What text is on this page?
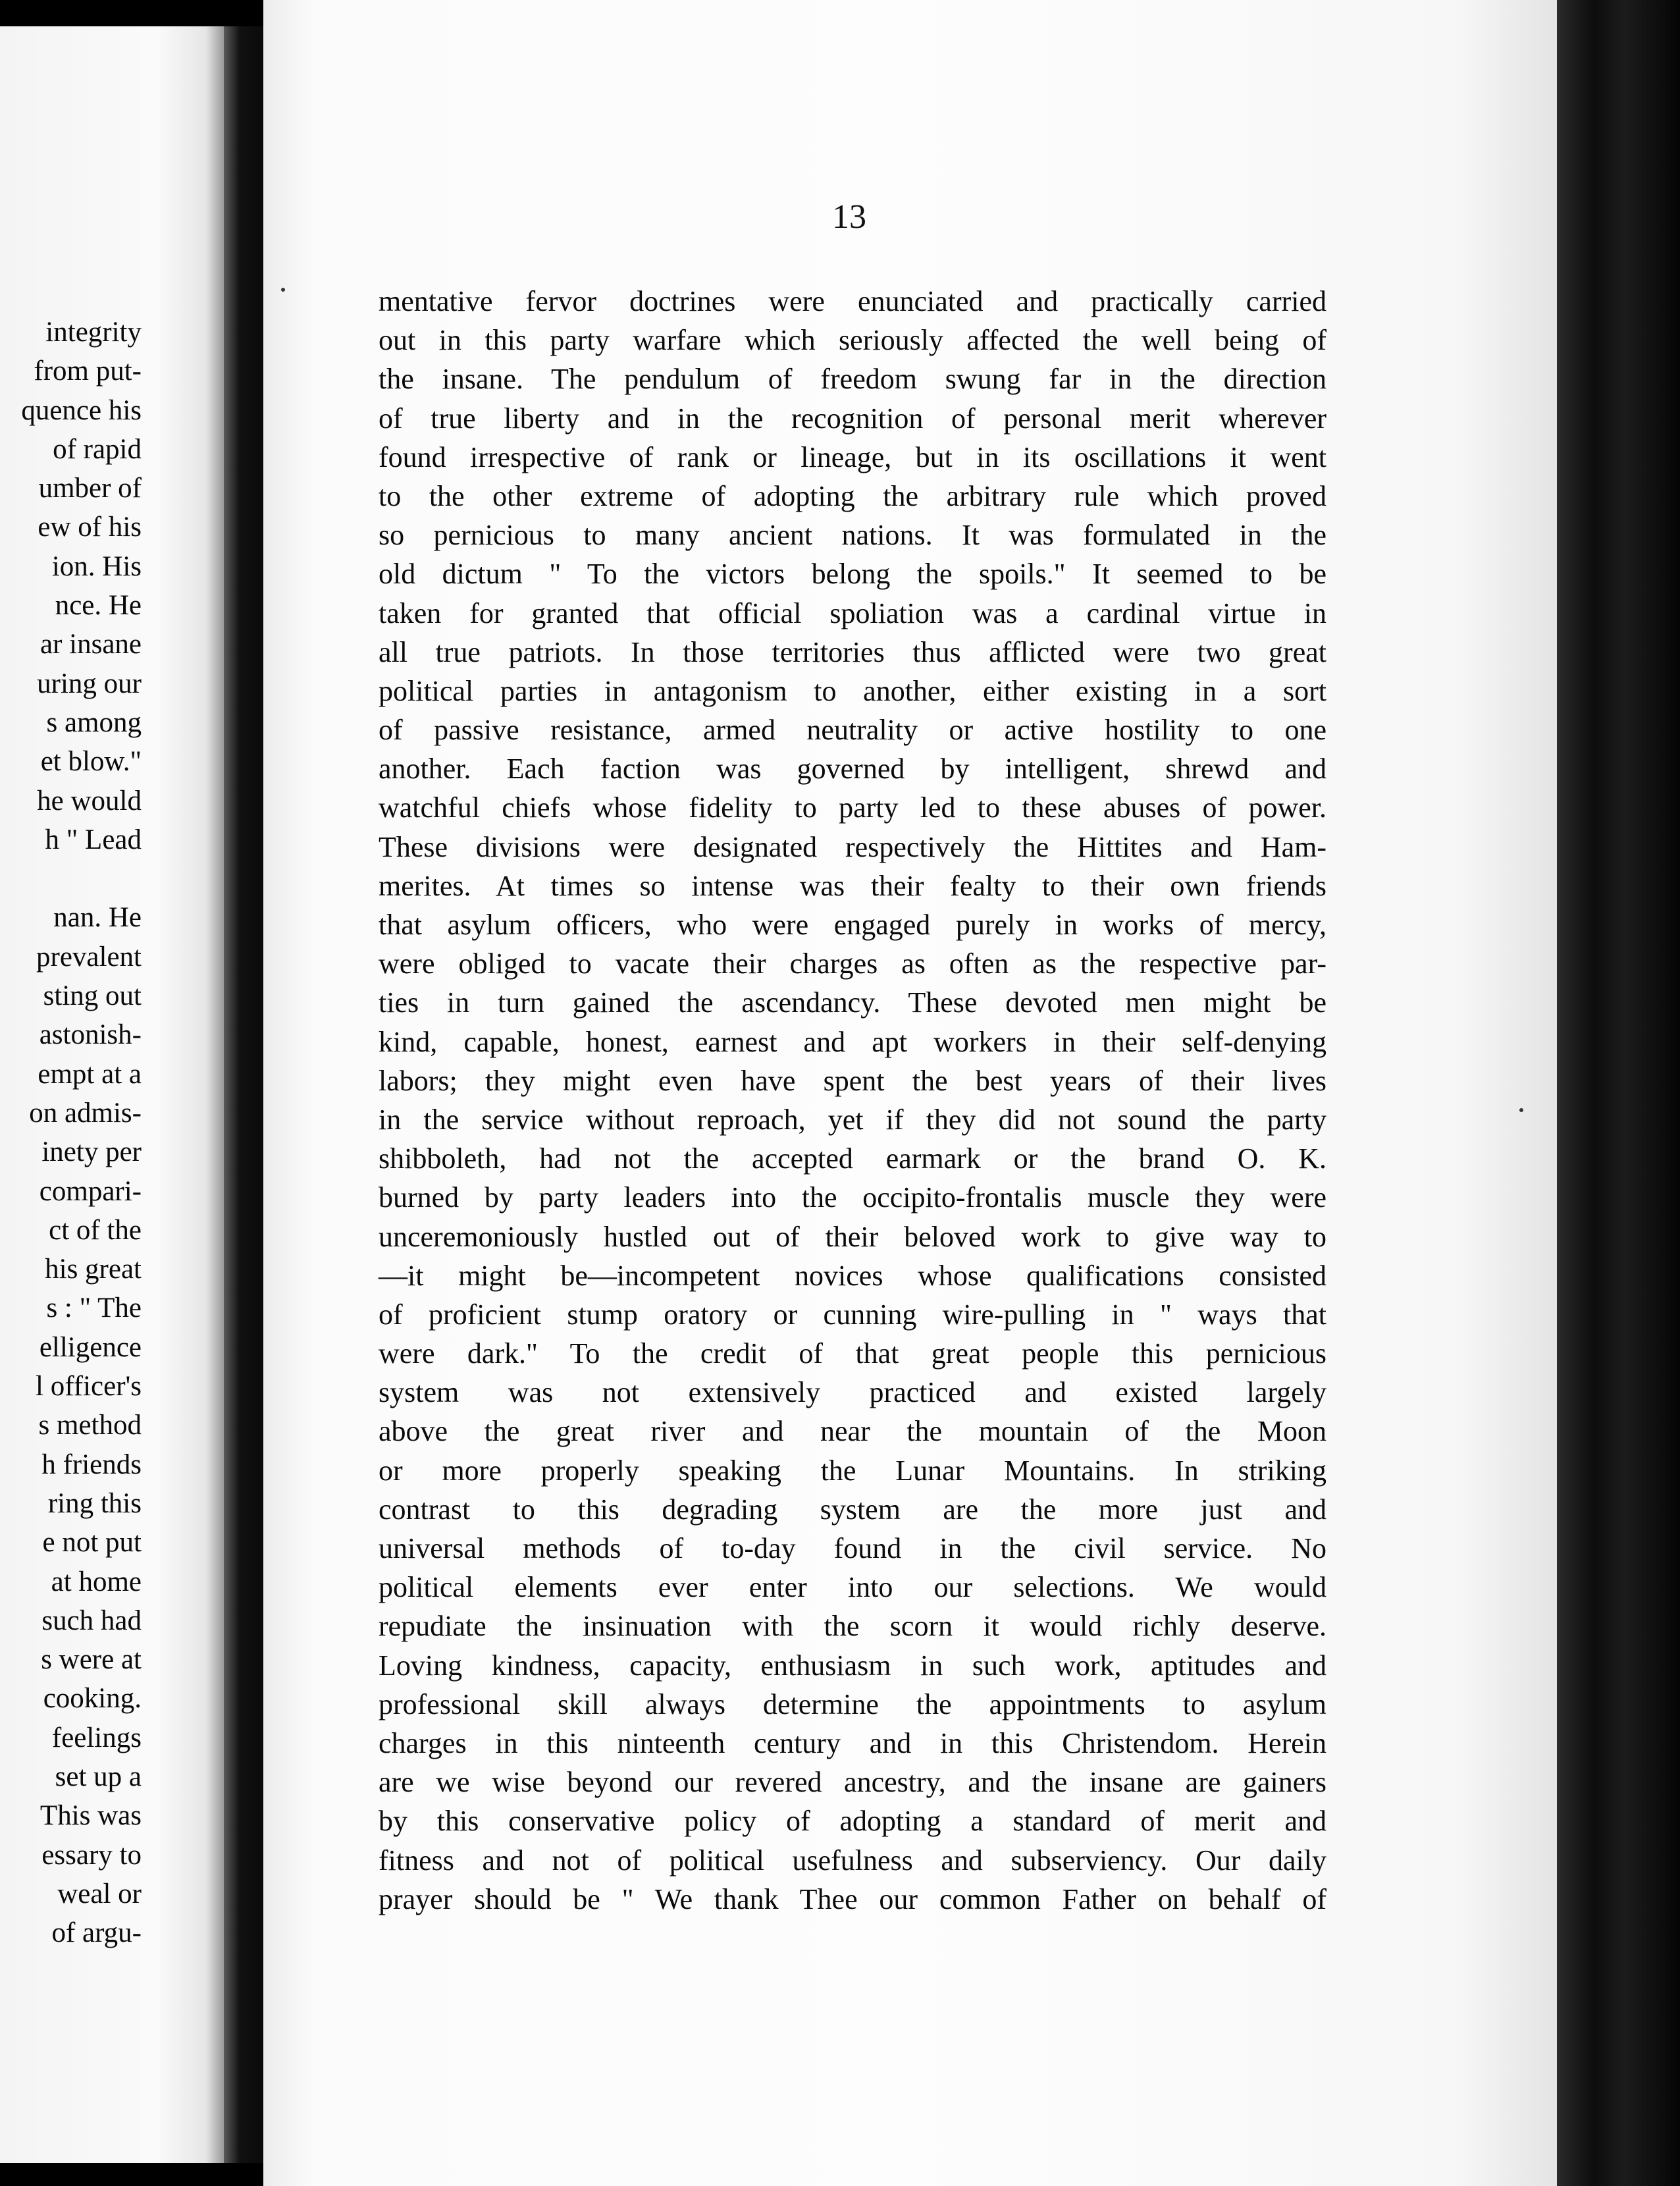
integrity
from put-
quence his
of rapid
umber of
ew of his
ion. His
nce. He
ar insane
uring our
s among
et blow."
he would
h " Lead
nan. He
prevalent
sting out
astonish-
empt at a
on admis-
inety per
compari-
ct of the
his great
s : " The
elligence
l officer's
s method
h friends
ring this
e not put
at home
such had
s were at
cooking.
feelings
set up a
This was
essary to
weal or
of argu-
13
mentative fervor doctrines were enunciated and practically carried
out in this party warfare which seriously affected the well being of
the insane. The pendulum of freedom swung far in the direction
of true liberty and in the recognition of personal merit wherever
found irrespective of rank or lineage, but in its oscillations it went
to the other extreme of adopting the arbitrary rule which proved
so pernicious to many ancient nations. It was formulated in the
old dictum " To the victors belong the spoils." It seemed to be
taken for granted that official spoliation was a cardinal virtue in
all true patriots. In those territories thus afflicted were two great
political parties in antagonism to another, either existing in a sort
of passive resistance, armed neutrality or active hostility to one
another. Each faction was governed by intelligent, shrewd and
watchful chiefs whose fidelity to party led to these abuses of power.
These divisions were designated respectively the Hittites and Ham-
merites. At times so intense was their fealty to their own friends
that asylum officers, who were engaged purely in works of mercy,
were obliged to vacate their charges as often as the respective par-
ties in turn gained the ascendancy. These devoted men might be
kind, capable, honest, earnest and apt workers in their self-denying
labors; they might even have spent the best years of their lives
in the service without reproach, yet if they did not sound the party
shibboleth, had not the accepted earmark or the brand O. K.
burned by party leaders into the occipito-frontalis muscle they were
unceremoniously hustled out of their beloved work to give way to
—it might be—incompetent novices whose qualifications consisted
of proficient stump oratory or cunning wire-pulling in " ways that
were dark." To the credit of that great people this pernicious
system was not extensively practiced and existed largely
above the great river and near the mountain of the Moon
or more properly speaking the Lunar Mountains. In striking
contrast to this degrading system are the more just and
universal methods of to-day found in the civil service. No
political elements ever enter into our selections. We would
repudiate the insinuation with the scorn it would richly deserve.
Loving kindness, capacity, enthusiasm in such work, aptitudes and
professional skill always determine the appointments to asylum
charges in this ninteenth century and in this Christendom. Herein
are we wise beyond our revered ancestry, and the insane are gainers
by this conservative policy of adopting a standard of merit and
fitness and not of political usefulness and subserviency. Our daily
prayer should be " We thank Thee our common Father on behalf of
